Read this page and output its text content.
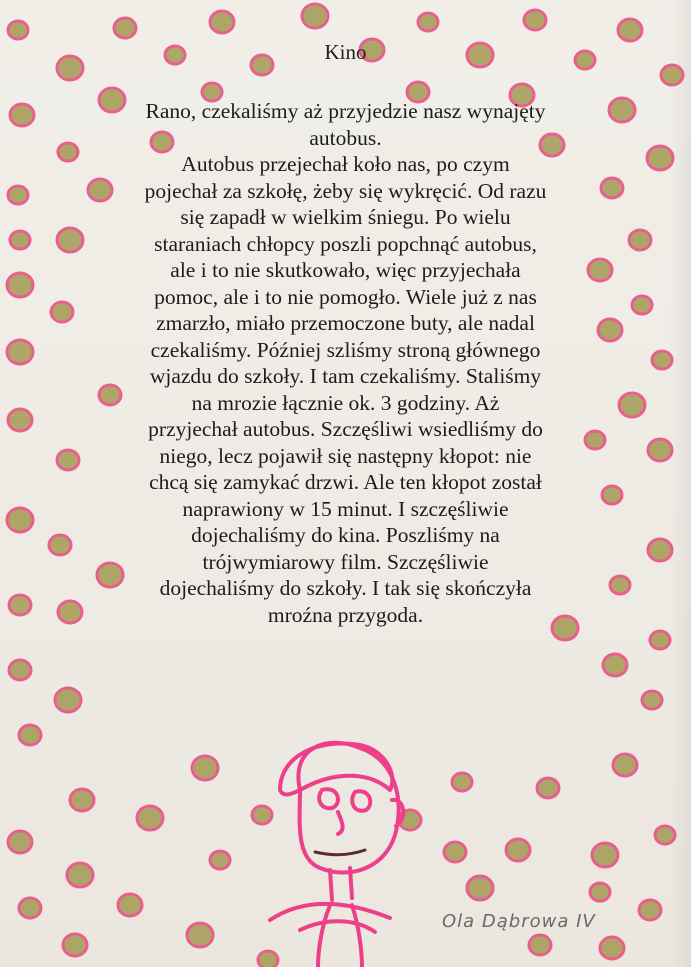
Kino
Rano, czekaliśmy aż przyjedzie nasz wynajęty
autobus.
Autobus przejechał koło nas, po czym
pojechał za szkołę, żeby się wykręcić. Od razu
się zapadł w wielkim śniegu. Po wielu
staraniach chłopcy poszli popchnąć autobus,
ale i to nie skutkowało, więc przyjechała
pomoc, ale i to nie pomogło. Wiele już z nas
zmarzło, miało przemoczone buty, ale nadal
czekaliśmy. Później szliśmy stroną głównego
wjazdu do szkoły. I tam czekaliśmy. Staliśmy
na mrozie łącznie ok. 3 godziny. Aż
przyjechał autobus. Szczęśliwi wsiedliśmy do
niego, lecz pojawił się następny kłopot: nie
chcą się zamykać drzwi. Ale ten kłopot został
naprawiony w 15 minut. I szczęśliwie
dojechaliśmy do kina. Poszliśmy na
trójwymiarowy film. Szczęśliwie
dojechaliśmy do szkoły. I tak się skończyła
mroźna przygoda.
Ola Dąbrowa IV
